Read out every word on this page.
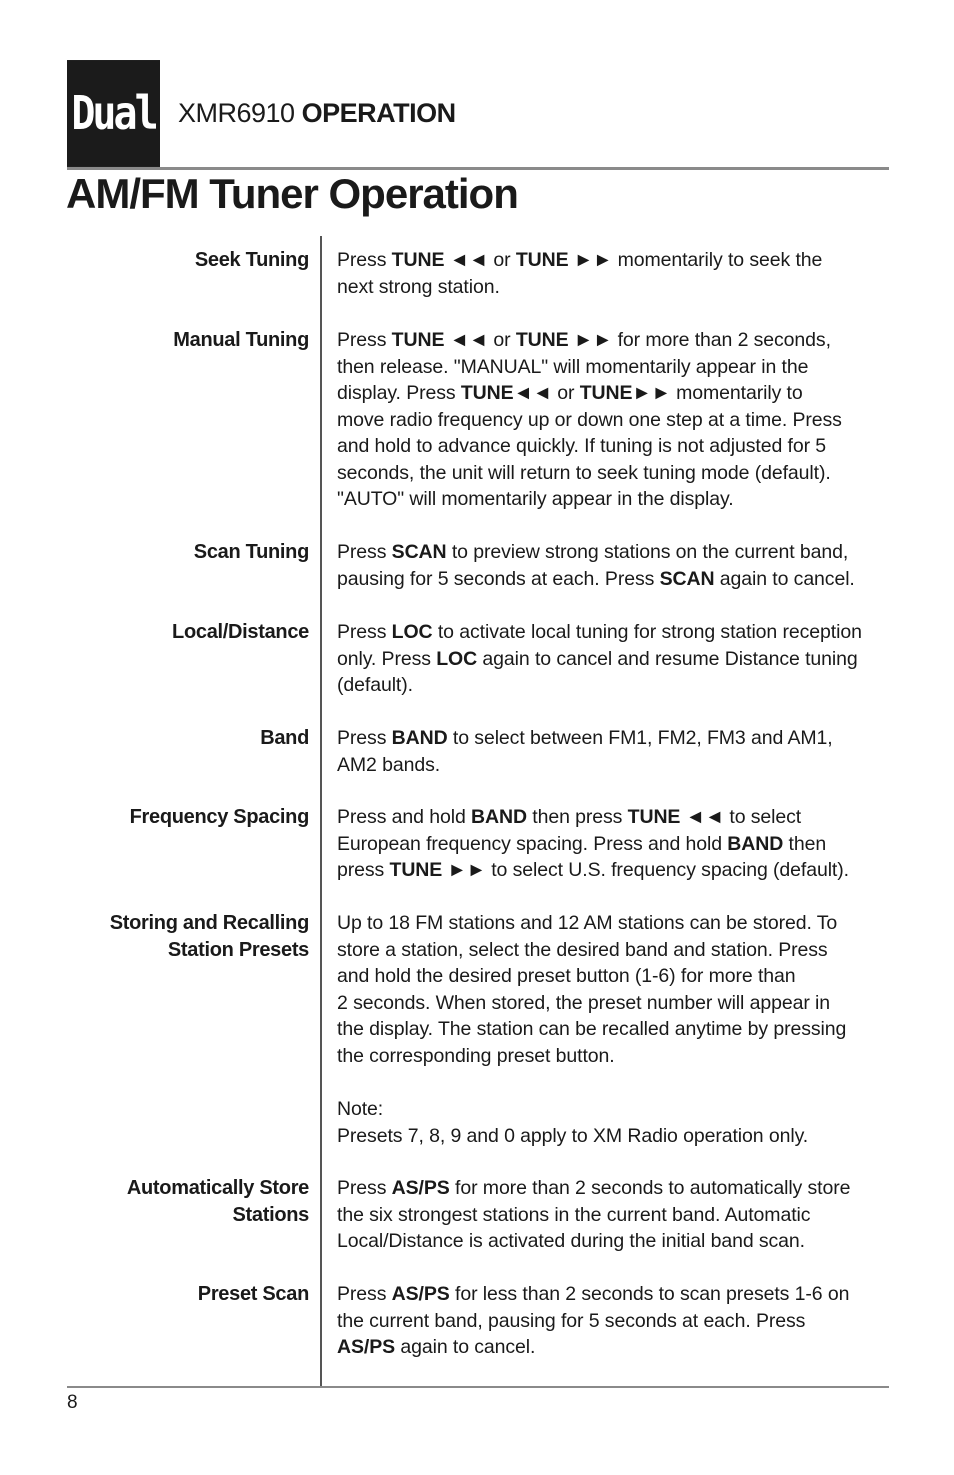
Dual XMR6910 OPERATION
AM/FM Tuner Operation
Seek Tuning Press TUNE ◄◄ or TUNE ►► momentarily to seek the
next strong station.
Manual Tuning Press TUNE ◄◄ or TUNE ►► for more than 2 seconds,
then release. "MANUAL" will momentarily appear in the
display. Press TUNE◄◄ or TUNE►► momentarily to
move radio frequency up or down one step at a time. Press
and hold to advance quickly. If tuning is not adjusted for 5
seconds, the unit will return to seek tuning mode (default).
"AUTO" will momentarily appear in the display.
Scan Tuning Press SCAN to preview strong stations on the current band,
pausing for 5 seconds at each. Press SCAN again to cancel.
Local/Distance Press LOC to activate local tuning for strong station reception
only. Press LOC again to cancel and resume Distance tuning
(default).
Band Press BAND to select between FM1, FM2, FM3 and AM1,
AM2 bands.
Frequency Spacing Press and hold BAND then press TUNE ◄◄ to select
European frequency spacing. Press and hold BAND then
press TUNE ►► to select U.S. frequency spacing (default).
Storing and Recalling
Station Presets
Up to 18 FM stations and 12 AM stations can be stored. To
store a station, select the desired band and station. Press
and hold the desired preset button (1-6) for more than
2 seconds. When stored, the preset number will appear in
the display. The station can be recalled anytime by pressing
the corresponding preset button.
Note:
Presets 7, 8, 9 and 0 apply to XM Radio operation only.
Automatically Store
Stations
Press AS/PS for more than 2 seconds to automatically store
the six strongest stations in the current band. Automatic
Local/Distance is activated during the initial band scan.
Preset Scan Press AS/PS for less than 2 seconds to scan presets 1-6 on
the current band, pausing for 5 seconds at each. Press
AS/PS again to cancel.
8
